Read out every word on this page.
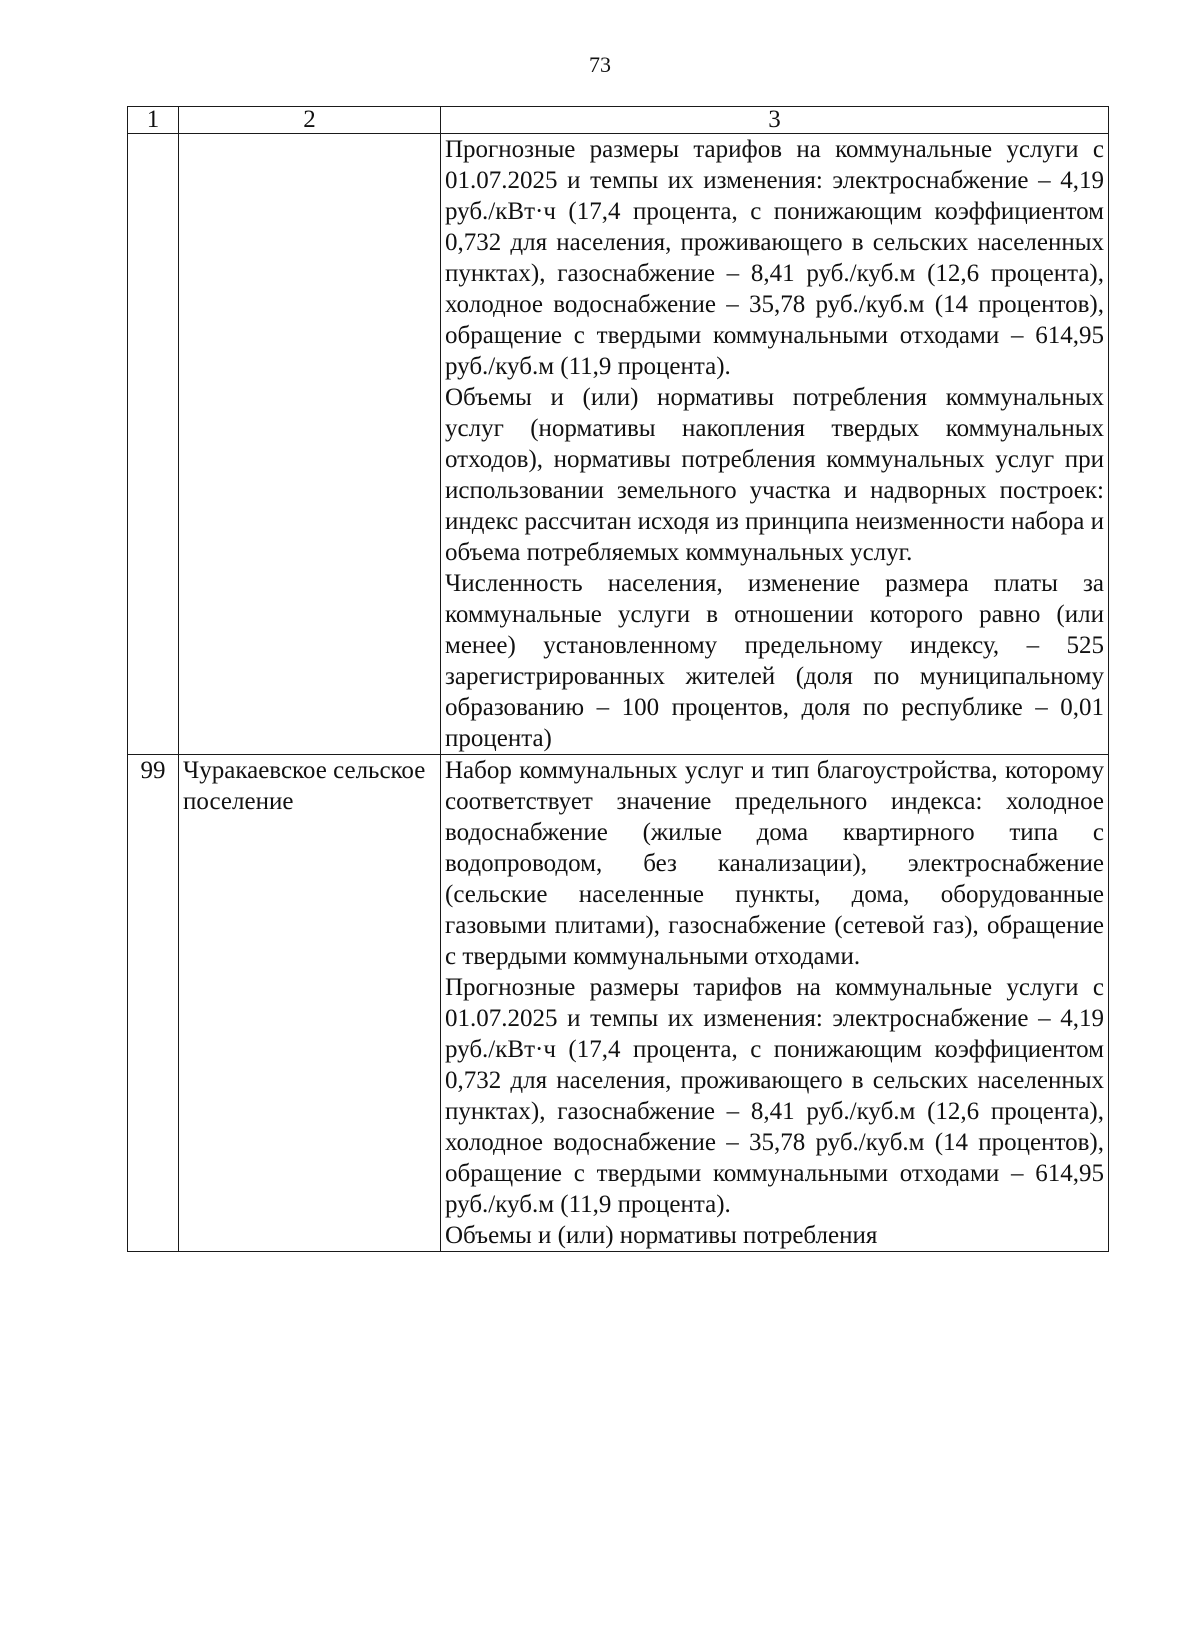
73
1	2	3

		Прогнозные размеры тарифов на коммунальные услуги с 01.07.2025 и темпы их изменения: электроснабжение – 4,19 руб./кВт·ч (17,4 процента, с понижающим коэффициентом 0,732 для населения, проживающего в сельских населенных пунктах), газоснабжение – 8,41 руб./куб.м (12,6 процента), холодное водоснабжение – 35,78 руб./куб.м (14 процентов), обращение с твердыми коммунальными отходами – 614,95 руб./куб.м (11,9 процента).

Объемы и (или) нормативы потребления коммунальных услуг (нормативы накопления твердых коммунальных отходов), нормативы потребления коммунальных услуг при использовании земельного участка и надворных построек: индекс рассчитан исходя из принципа неизменности набора и объема потребляемых коммунальных услуг.

Численность населения, изменение размера платы за коммунальные услуги в отношении которого равно (или менее) установленному предельному индексу, – 525 зарегистрированных жителей (доля по муниципальному образованию – 100 процентов, доля по республике – 0,01 процента)

99	Чуракаевское сельское поселение	Набор коммунальных услуг и тип благоустройства, которому соответствует значение предельного индекса: холодное водоснабжение (жилые дома квартирного типа с водопроводом, без канализации), электроснабжение (сельские населенные пункты, дома, оборудованные газовыми плитами), газоснабжение (сетевой газ), обращение с твердыми коммунальными отходами.

Прогнозные размеры тарифов на коммунальные услуги с 01.07.2025 и темпы их изменения: электроснабжение – 4,19 руб./кВт·ч (17,4 процента, с понижающим коэффициентом 0,732 для населения, проживающего в сельских населенных пунктах), газоснабжение – 8,41 руб./куб.м (12,6 процента), холодное водоснабжение – 35,78 руб./куб.м (14 процентов), обращение с твердыми коммунальными отходами – 614,95 руб./куб.м (11,9 процента).

Объемы и (или) нормативы потребления
